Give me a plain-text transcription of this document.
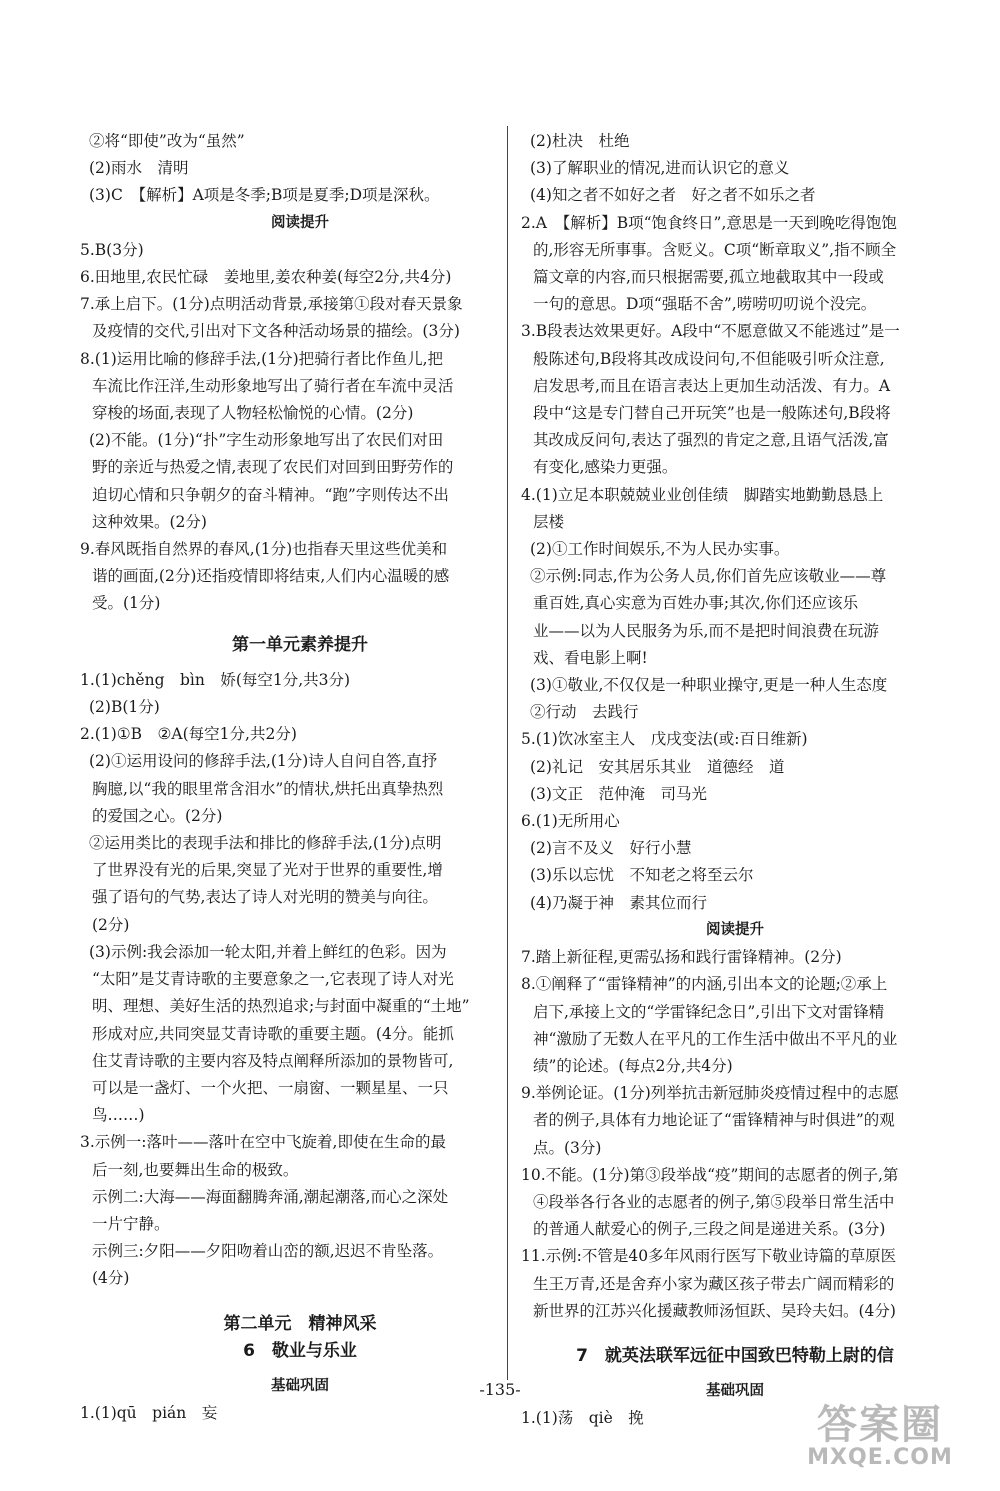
②将“即使”改为“虽然”
(2)雨水　清明
(3)C　【解析】A项是冬季;B项是夏季;D项是深秋。
阅读提升
5.B(3分)
6.田地里,农民忙碌　姜地里,姜农种姜(每空2分,共4分)
7.承上启下。(1分)点明活动背景,承接第①段对春天景象
及疫情的交代,引出对下文各种活动场景的描绘。(3分)
8.(1)运用比喻的修辞手法,(1分)把骑行者比作鱼儿,把
车流比作汪洋,生动形象地写出了骑行者在车流中灵活
穿梭的场面,表现了人物轻松愉悦的心情。(2分)
(2)不能。(1分)“扑”字生动形象地写出了农民们对田
野的亲近与热爱之情,表现了农民们对回到田野劳作的
迫切心情和只争朝夕的奋斗精神。“跑”字则传达不出
这种效果。(2分)
9.春风既指自然界的春风,(1分)也指春天里这些优美和
谐的画面,(2分)还指疫情即将结束,人们内心温暖的感
受。(1分)
第一单元素养提升
1.(1)chěng　bìn　娇(每空1分,共3分)
(2)B(1分)
2.(1)①B　②A(每空1分,共2分)
(2)①运用设问的修辞手法,(1分)诗人自问自答,直抒
胸臆,以“我的眼里常含泪水”的情状,烘托出真挚热烈
的爱国之心。(2分)
②运用类比的表现手法和排比的修辞手法,(1分)点明
了世界没有光的后果,突显了光对于世界的重要性,增
强了语句的气势,表达了诗人对光明的赞美与向往。
(2分)
(3)示例:我会添加一轮太阳,并着上鲜红的色彩。因为
“太阳”是艾青诗歌的主要意象之一,它表现了诗人对光
明、理想、美好生活的热烈追求;与封面中凝重的“土地”
形成对应,共同突显艾青诗歌的重要主题。(4分。能抓
住艾青诗歌的主要内容及特点阐释所添加的景物皆可,
可以是一盏灯、一个火把、一扇窗、一颗星星、一只
鸟……)
3.示例一:落叶——落叶在空中飞旋着,即使在生命的最
后一刻,也要舞出生命的极致。
示例二:大海——海面翻腾奔涌,潮起潮落,而心之深处
一片宁静。
示例三:夕阳——夕阳吻着山峦的额,迟迟不肯坠落。
(4分)
第二单元　精神风采
6　敬业与乐业
基础巩固
1.(1)qū　pián　妄
(2)杜决　杜绝
(3)了解职业的情况,进而认识它的意义
(4)知之者不如好之者　好之者不如乐之者
2.A　【解析】B项“饱食终日”,意思是一天到晚吃得饱饱
的,形容无所事事。含贬义。C项“断章取义”,指不顾全
篇文章的内容,而只根据需要,孤立地截取其中一段或
一句的意思。D项“强聒不舍”,唠唠叨叨说个没完。
3.B段表达效果更好。A段中“不愿意做又不能逃过”是一
般陈述句,B段将其改成设问句,不但能吸引听众注意,
启发思考,而且在语言表达上更加生动活泼、有力。A
段中“这是专门替自己开玩笑”也是一般陈述句,B段将
其改成反问句,表达了强烈的肯定之意,且语气活泼,富
有变化,感染力更强。
4.(1)立足本职兢兢业业创佳绩　脚踏实地勤勤恳恳上
层楼
(2)①工作时间娱乐,不为人民办实事。
②示例:同志,作为公务人员,你们首先应该敬业——尊
重百姓,真心实意为百姓办事;其次,你们还应该乐
业——以为人民服务为乐,而不是把时间浪费在玩游
戏、看电影上啊!
(3)①敬业,不仅仅是一种职业操守,更是一种人生态度
②行动　去践行
5.(1)饮冰室主人　戊戌变法(或:百日维新)
(2)礼记　安其居乐其业　道德经　道
(3)文正　范仲淹　司马光
6.(1)无所用心
(2)言不及义　好行小慧
(3)乐以忘忧　不知老之将至云尔
(4)乃凝于神　素其位而行
阅读提升
7.踏上新征程,更需弘扬和践行雷锋精神。(2分)
8.①阐释了“雷锋精神”的内涵,引出本文的论题;②承上
启下,承接上文的“学雷锋纪念日”,引出下文对雷锋精
神“激励了无数人在平凡的工作生活中做出不平凡的业
绩”的论述。(每点2分,共4分)
9.举例论证。(1分)列举抗击新冠肺炎疫情过程中的志愿
者的例子,具体有力地论证了“雷锋精神与时俱进”的观
点。(3分)
10.不能。(1分)第③段举战“疫”期间的志愿者的例子,第
④段举各行各业的志愿者的例子,第⑤段举日常生活中
的普通人献爱心的例子,三段之间是递进关系。(3分)
11.示例:不管是40多年风雨行医写下敬业诗篇的草原医
生王万青,还是舍弃小家为藏区孩子带去广阔而精彩的
新世界的江苏兴化援藏教师汤恒跃、吴玲夫妇。(4分)
7　就英法联军远征中国致巴特勒上尉的信
基础巩固
1.(1)荡　qiè　挽
-135-
答案圈
MXQE.COM
